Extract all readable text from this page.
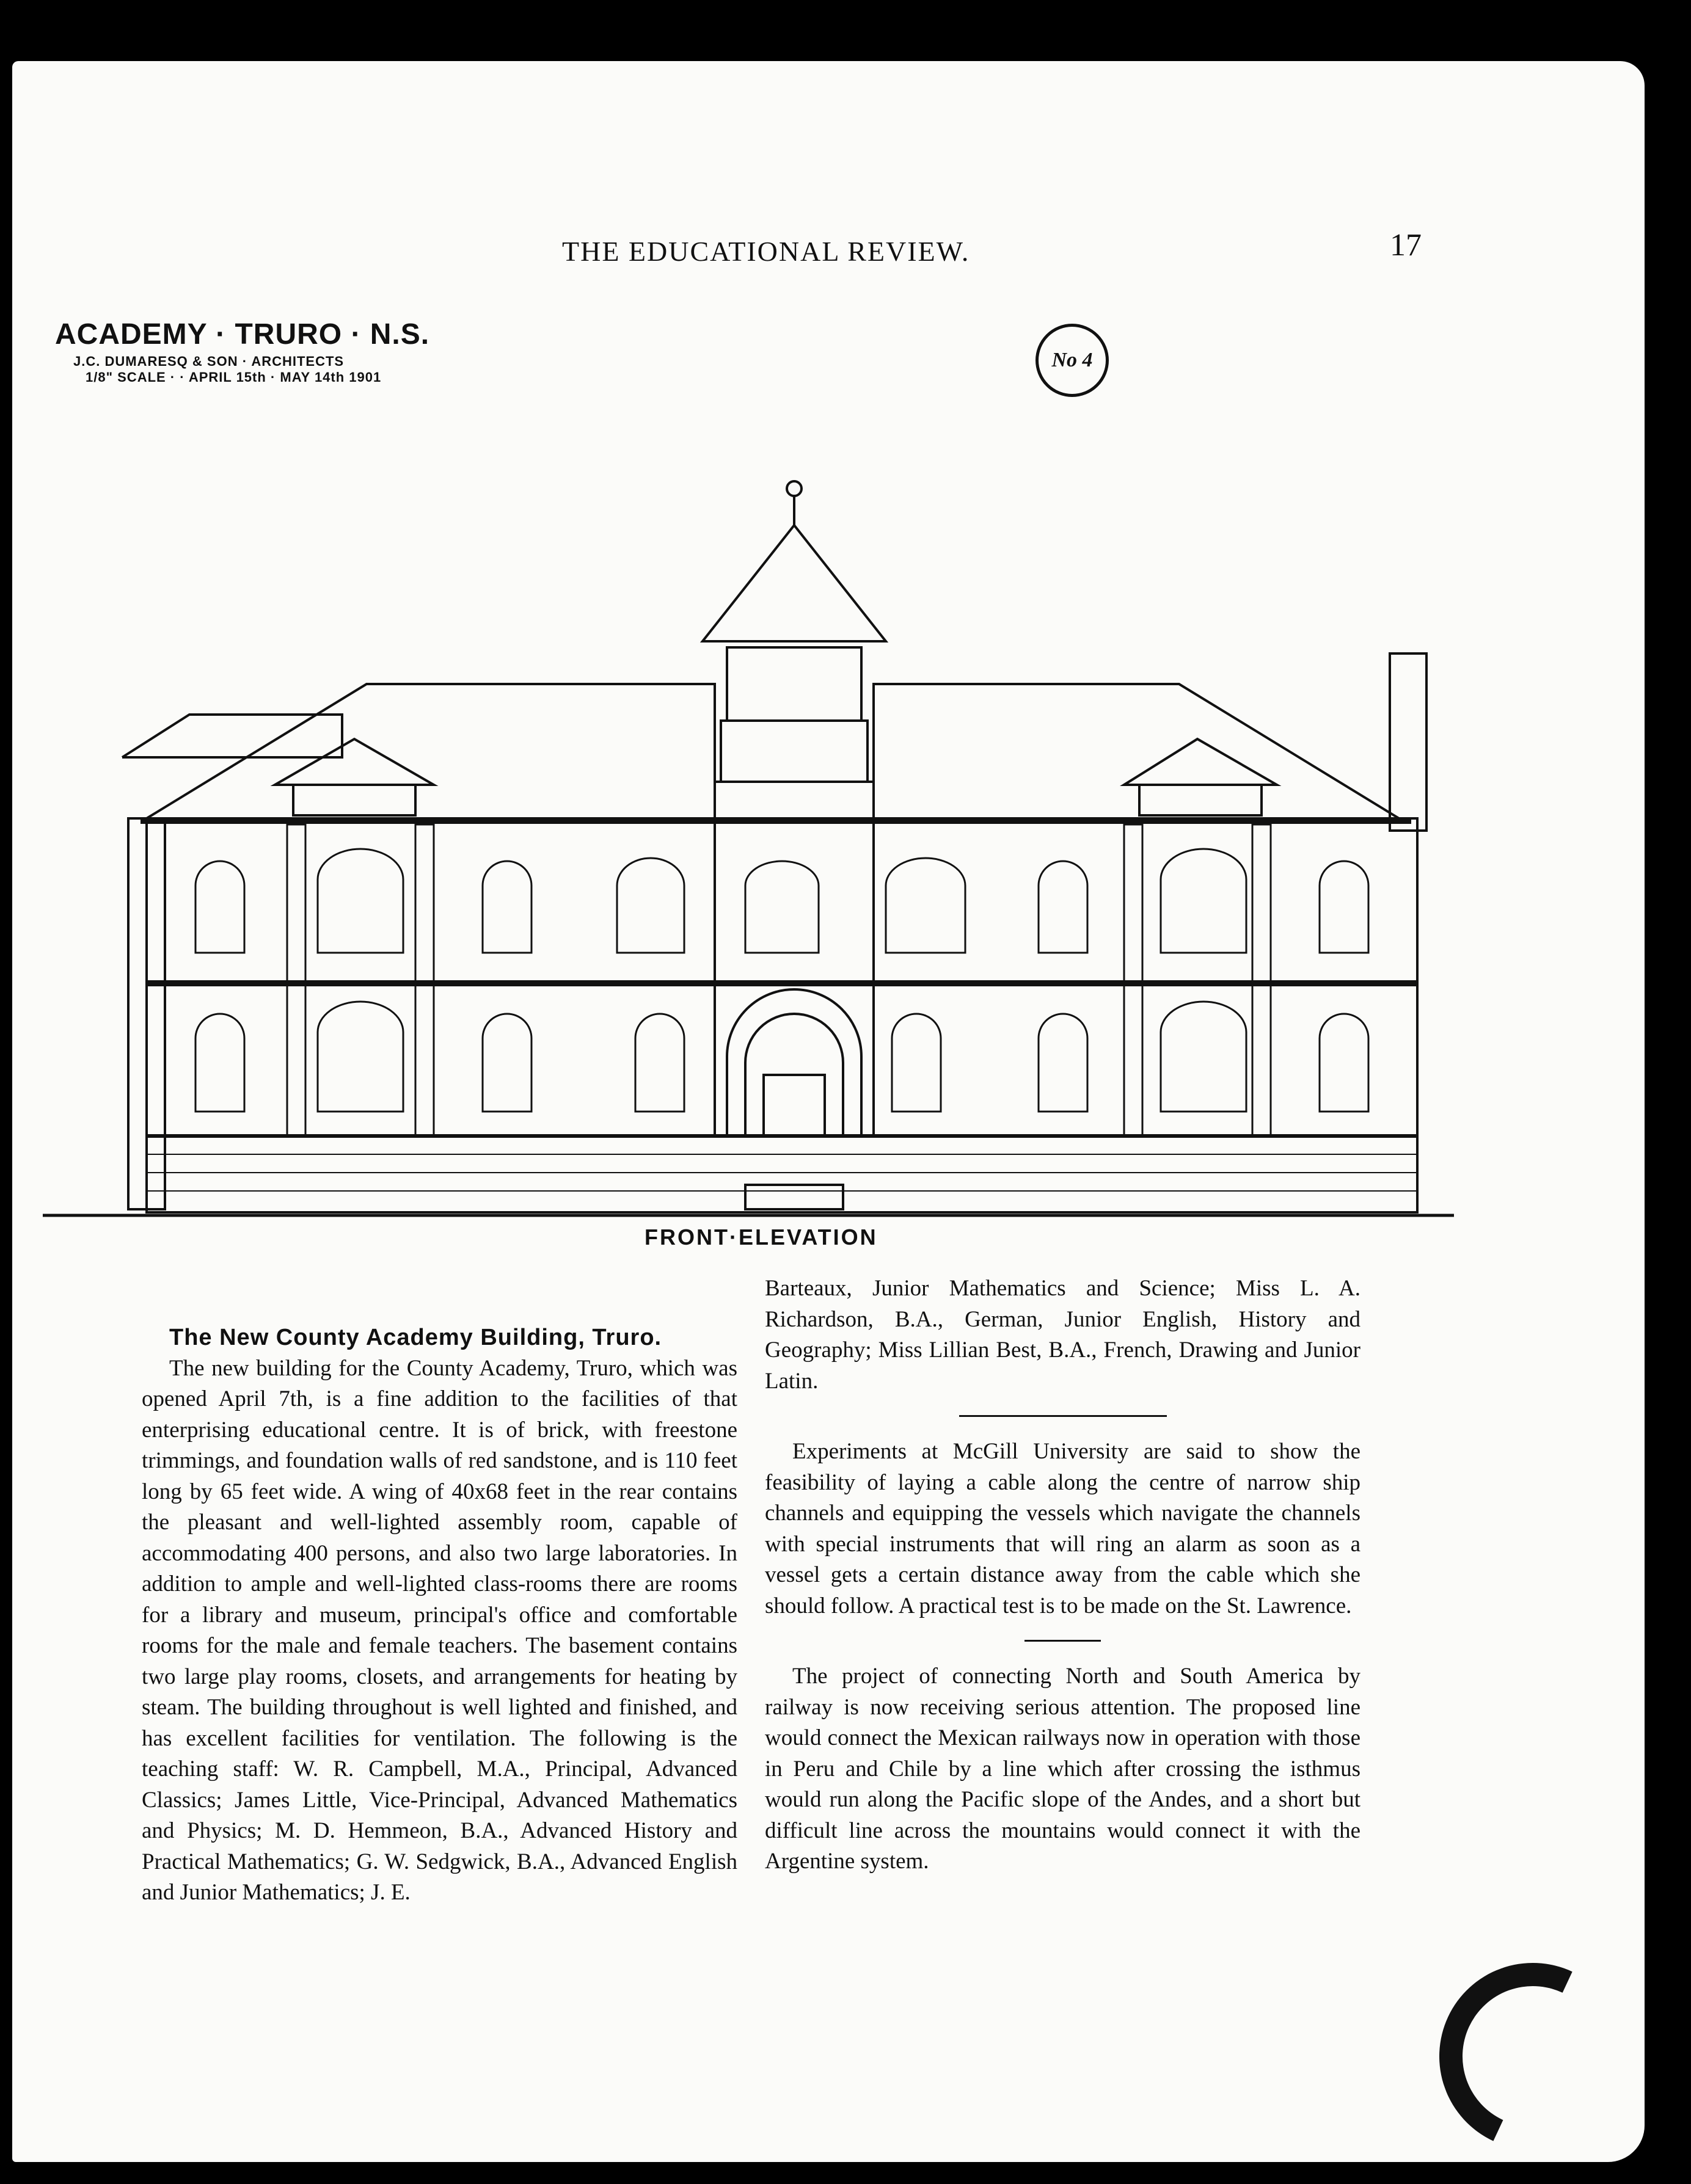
THE EDUCATIONAL REVIEW.	17
ACADEMY · TRURO · N.S.
J.C. DUMARESQ & SON · ARCHITECTS
1/8" SCALE · · APRIL 15th · MAY 14th 1901
No 4
FRONT·ELEVATION

The New County Academy Building, Truro.

The new building for the County Academy, Truro, which was opened April 7th, is a fine addition to the facilities of that enterprising educational centre. It is of brick, with freestone trimmings, and foundation walls of red sandstone, and is 110 feet long by 65 feet wide. A wing of 40x68 feet in the rear contains the pleasant and well-lighted assembly room, capable of accommodating 400 persons, and also two large laboratories. In addition to ample and well-lighted class-rooms there are rooms for a library and museum, principal's office and comfortable rooms for the male and female teachers. The basement contains two large play rooms, closets, and arrangements for heating by steam. The building throughout is well lighted and finished, and has excellent facilities for ventilation. The following is the teaching staff: W. R. Campbell, M.A., Principal, Advanced Classics; James Little, Vice-Principal, Advanced Mathematics and Physics; M. D. Hemmeon, B.A., Advanced History and Practical Mathematics; G. W. Sedgwick, B.A., Advanced English and Junior Mathematics; J. E.

Barteaux, Junior Mathematics and Science; Miss L. A. Richardson, B.A., German, Junior English, History and Geography; Miss Lillian Best, B.A., French, Drawing and Junior Latin.

Experiments at McGill University are said to show the feasibility of laying a cable along the centre of narrow ship channels and equipping the vessels which navigate the channels with special instruments that will ring an alarm as soon as a vessel gets a certain distance away from the cable which she should follow. A practical test is to be made on the St. Lawrence.

The project of connecting North and South America by railway is now receiving serious attention. The proposed line would connect the Mexican railways now in operation with those in Peru and Chile by a line which after crossing the isthmus would run along the Pacific slope of the Andes, and a short but difficult line across the mountains would connect it with the Argentine system.
